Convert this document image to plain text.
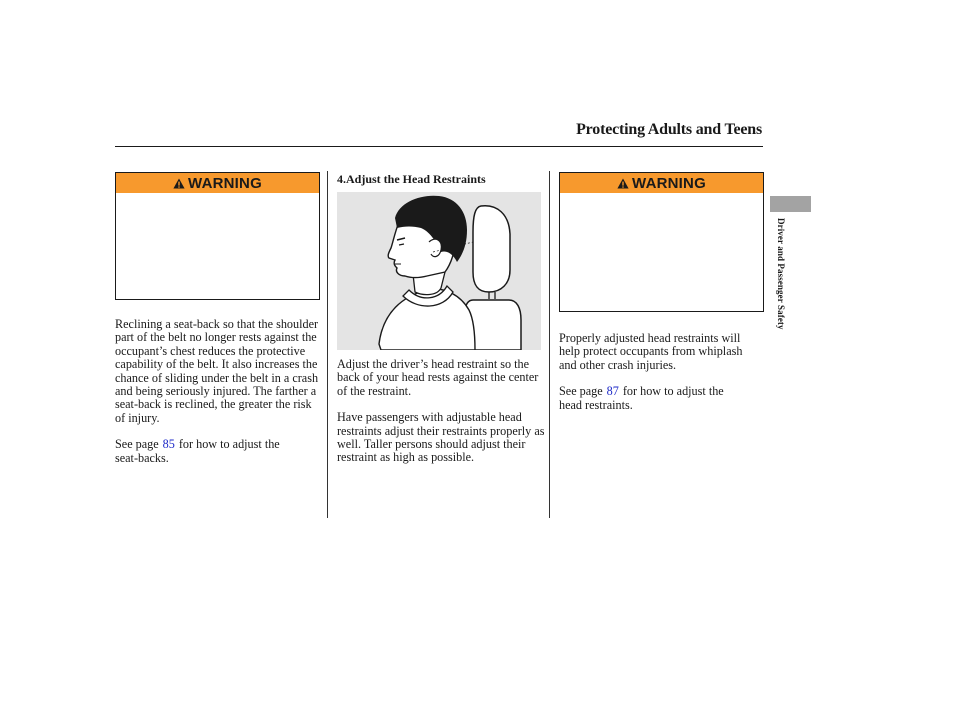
Protecting Adults and Teens
WARNING

Reclining a seat-back so that the shoulder part of the belt no longer rests against the occupant’s chest reduces the protective capability of the belt. It also increases the chance of sliding under the belt in a crash and being seriously injured. The farther a seat-back is reclined, the greater the risk of injury.

See page 85 for how to adjust the

seat-backs.

4.Adjust the Head Restraints

Adjust the driver’s head restraint so the back of your head rests against the center of the restraint.

Have passengers with adjustable head restraints adjust their restraints properly as well. Taller persons should adjust their restraint as high as possible.

WARNING

Properly adjusted head restraints will help protect occupants from whiplash and other crash injuries.

See page 87 for how to adjust the

head restraints.

Driver and Passenger Safety
